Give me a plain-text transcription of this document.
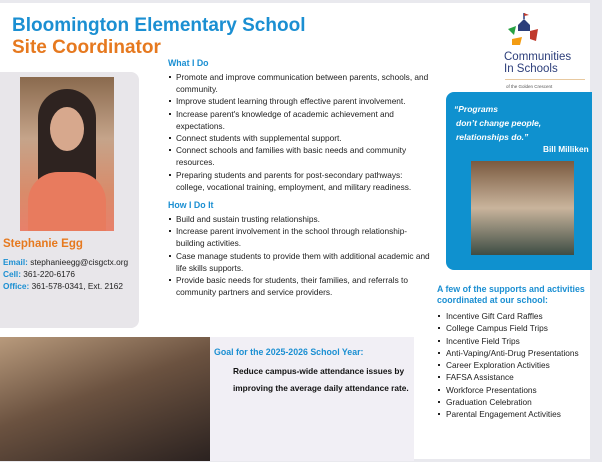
Bloomington Elementary School
Site Coordinator
Stephanie Egg
Email: stephanieegg@cisgctx.org
Cell: 361-220-6176
Office: 361-578-0341, Ext. 2162
What I Do
Promote and improve communication between parents, schools, and community.
Improve student learning through effective parent involvement.
Increase parent's knowledge of academic achievement and expectations.
Connect students with supplemental support.
Connect schools and families with basic needs and community resources.
Preparing students and parents for post-secondary pathways: college, vocational training, employment, and military readiness.
How I Do It
Build and sustain trusting relationships.
Increase parent involvement in the school through relationship-building activities.
Case manage students to provide them with additional academic and life skills supports.
Provide basic needs for students, their families, and referrals to community partners and service providers.
Communities
In Schools
of the Golden Crescent
“Programs
don’t change people,
relationships do.”
Bill Milliken
A few of the supports and activities coordinated at our school:
Incentive Gift Card Raffles
College Campus Field Trips
Incentive Field Trips
Anti-Vaping/Anti-Drug Presentations
Career Exploration Activities
FAFSA Assistance
Workforce Presentations
Graduation Celebration
Parental Engagement Activities
Goal for the 2025-2026 School Year:
Reduce campus-wide attendance issues by improving the average daily attendance rate.
